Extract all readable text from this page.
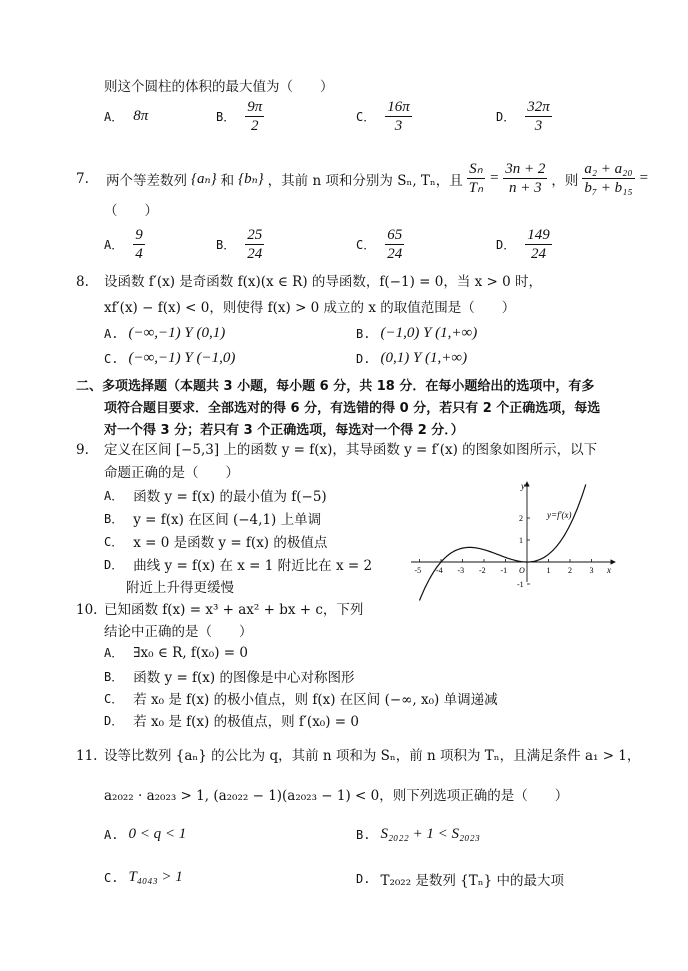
则这个圆柱的体积的最大值为（　　）
A． 8π	B． $\frac{9\pi}{2}$	C． $\frac{16\pi}{3}$	D． $\frac{32\pi}{3}$
7.	两个等差数列 {aₙ} 和 {bₙ} ，其前 n 项和分别为 Sₙ, Tₙ，且 $\frac{\text{Sₙ}}{\text{Tₙ}} = \frac{3n + 2}{n + 3}$ ，则 $\frac{\text{a₂ + a₂₀}}{\text{b₇ + b₁₅}}$ =
（　　）
A． $\frac{9}{4}$	B． $\frac{25}{24}$	C． $\frac{65}{24}$	D． $\frac{149}{24}$
8. 设函数 f′(x) 是奇函数 f(x)(x ∈ R) 的导函数，f(−1) = 0，当 x > 0 时，
xf′(x) − f(x) < 0，则使得 f(x) > 0 成立的 x 的取值范围是（　　）
A. (−∞,−1) Y (0,1)	B. (−1,0) Y (1,+∞)
C. (−∞,−1) Y (−1,0)	D. (0,1) Y (1,+∞)
二、多项选择题（本题共 3 小题，每小题 6 分，共 18 分．在每小题给出的选项中，有多
项符合题目要求．全部选对的得 6 分，有选错的得 0 分，若只有 2 个正确选项，每选
对一个得 3 分；若只有 3 个正确选项，每选对一个得 2 分．）
9. 定义在区间 [−5,3] 上的函数 y = f(x)，其导函数 y = f′(x) 的图象如图所示，以下
命题正确的是（　　）
A． 函数 y = f(x) 的最小值为 f(−5)
B． y = f(x) 在区间 (−4,1) 上单调
C． x = 0 是函数 y = f(x) 的极值点
D． 曲线 y = f(x) 在 x = 1 附近比在 x = 2
附近上升得更缓慢
y
x
O
y=f′(x)
-5 -4 -3 -2 -1	1 2 3
2
1
-1
10. 已知函数 f(x) = x³ + ax² + bx + c，下列
结论中正确的是（　　）
A． ∃x₀ ∈ R, f(x₀) = 0
B． 函数 y = f(x) 的图像是中心对称图形
C． 若 x₀ 是 f(x) 的极小值点，则 f(x) 在区间 (−∞, x₀) 单调递减
D． 若 x₀ 是 f(x) 的极值点，则 f′(x₀) = 0
11. 设等比数列 {aₙ} 的公比为 q，其前 n 项和为 Sₙ，前 n 项积为 Tₙ，且满足条件 a₁ > 1，
a₂₀₂₂ · a₂₀₂₃ > 1, (a₂₀₂₂ − 1)(a₂₀₂₃ − 1) < 0，则下列选项正确的是（　　）
A. 0 < q < 1	B. S₂₀₂₂ + 1 < S₂₀₂₃
C. T₄₀₄₃ > 1	D. T₂₀₂₂ 是数列 {Tₙ} 中的最大项
